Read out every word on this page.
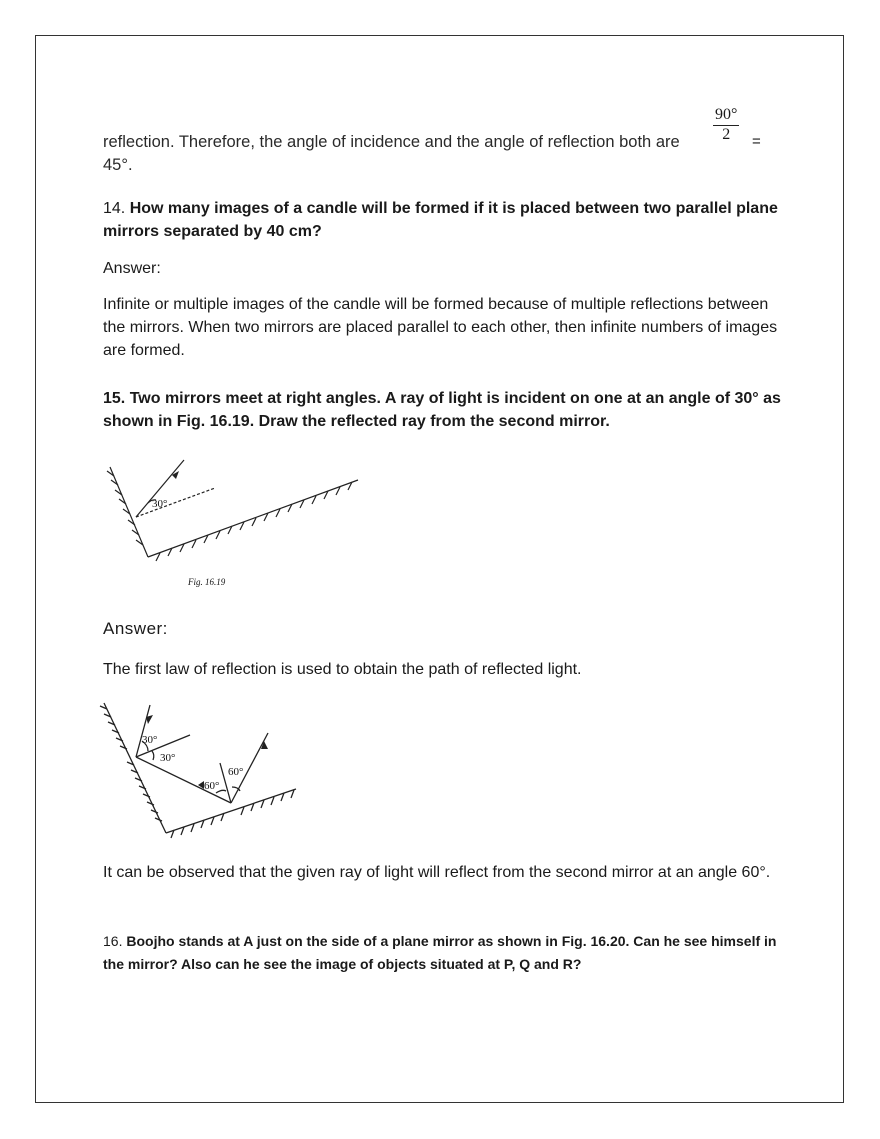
$\frac{90^\circ}{2}$ =

reflection. Therefore, the angle of incidence and the angle of reflection both are

45°.

14. How many images of a candle will be formed if it is placed between two parallel plane mirrors separated by 40 cm?

Answer:

Infinite or multiple images of the candle will be formed because of multiple reflections between the mirrors. When two mirrors are placed parallel to each other, then infinite numbers of images are formed.

15. Two mirrors meet at right angles. A ray of light is incident on one at an angle of 30° as shown in Fig. 16.19. Draw the reflected ray from the second mirror.

30°
Fig. 16.19

Answer:

The first law of reflection is used to obtain the path of reflected light.

30°
30°
60°
60°

It can be observed that the given ray of light will reflect from the second mirror at an angle 60°.

16. Boojho stands at A just on the side of a plane mirror as shown in Fig. 16.20. Can he see himself in the mirror? Also can he see the image of objects situated at P, Q and R?
